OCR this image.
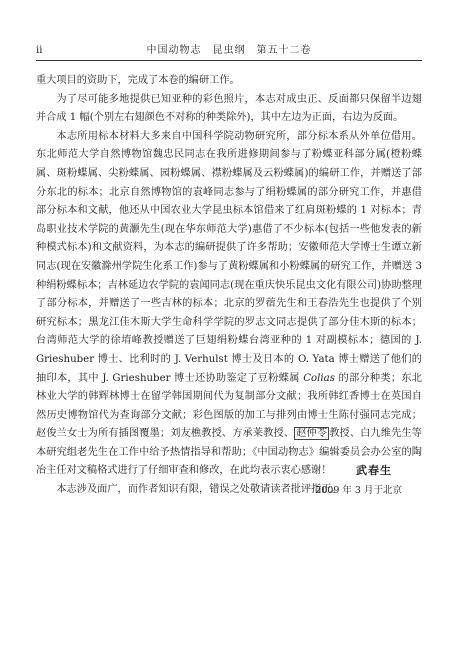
ii	中国动物志　昆虫纲　第五十二卷

重大项目的资助下，完成了本卷的编研工作。

为了尽可能多地提供已知亚种的彩色照片，本志对成虫正、反面都只保留半边翅并合成 1 幅(个别左右翅颜色不对称的种类除外)，其中左边为正面，右边为反面。

本志所用标本材料大多来自中国科学院动物研究所，部分标本系从外单位借用。东北师范大学自然博物馆魏忠民同志在我所进修期间参与了粉蝶亚科部分属(橙粉蝶属、斑粉蝶属、尖粉蝶属、园粉蝶属、襟粉蝶属及云粉蝶属)的编研工作，并赠送了部分东北的标本；北京自然博物馆的袁峰同志参与了绢粉蝶属的部分研究工作，并惠借部分标本和文献，他还从中国农业大学昆虫标本馆借来了红肩斑粉蝶的 1 对标本；青岛职业技术学院的黄灏先生(现在华东师范大学)惠借了不少标本(包括一些他发表的新种模式标本)和文献资料，为本志的编研提供了许多帮助；安徽师范大学博士生谭立新同志(现在安徽滁州学院生化系工作)参与了黄粉蝶属和小粉蝶属的研究工作，并赠送 3 种绢粉蝶标本；吉林延边农学院的袁闻同志(现在重庆快乐昆虫文化有限公司)协助整理了部分标本，并赠送了一些吉林的标本；北京的罗蓿先生和王春浩先生也提供了个别研究标本；黑龙江佳木斯大学生命科学学院的罗志文同志提供了部分佳木斯的标本；台湾师范大学的徐堉峰教授赠送了巨翅绢粉蝶台湾亚种的 1 对副模标本；德国的 J. Grieshuber 博士、比利时的 J. Verhulst 博士及日本的 O. Yata 博士赠送了他们的抽印本，其中 J. Grieshuber 博士还协助鉴定了豆粉蝶属 Colias 的部分种类；东北林业大学的韩辉林博士在留学韩国期间代为复制部分文献；我所韩红香博士在英国自然历史博物馆代为查询部分文献；彩色图版的加工与排列由博士生陈付强同志完成；赵俊兰女士为所有插图覆墨；刘友樵教授、方承莱教授、 赵仲苓 教授、白九维先生等本研究组老先生在工作中给予热情指导和帮助；《中国动物志》编辑委员会办公室的陶冶主任对文稿格式进行了仔细审查和修改，在此均表示衷心感谢！

本志涉及面广，而作者知识有限，错误之处敬请读者批评指正。

武春生
2009 年 3 月于北京
